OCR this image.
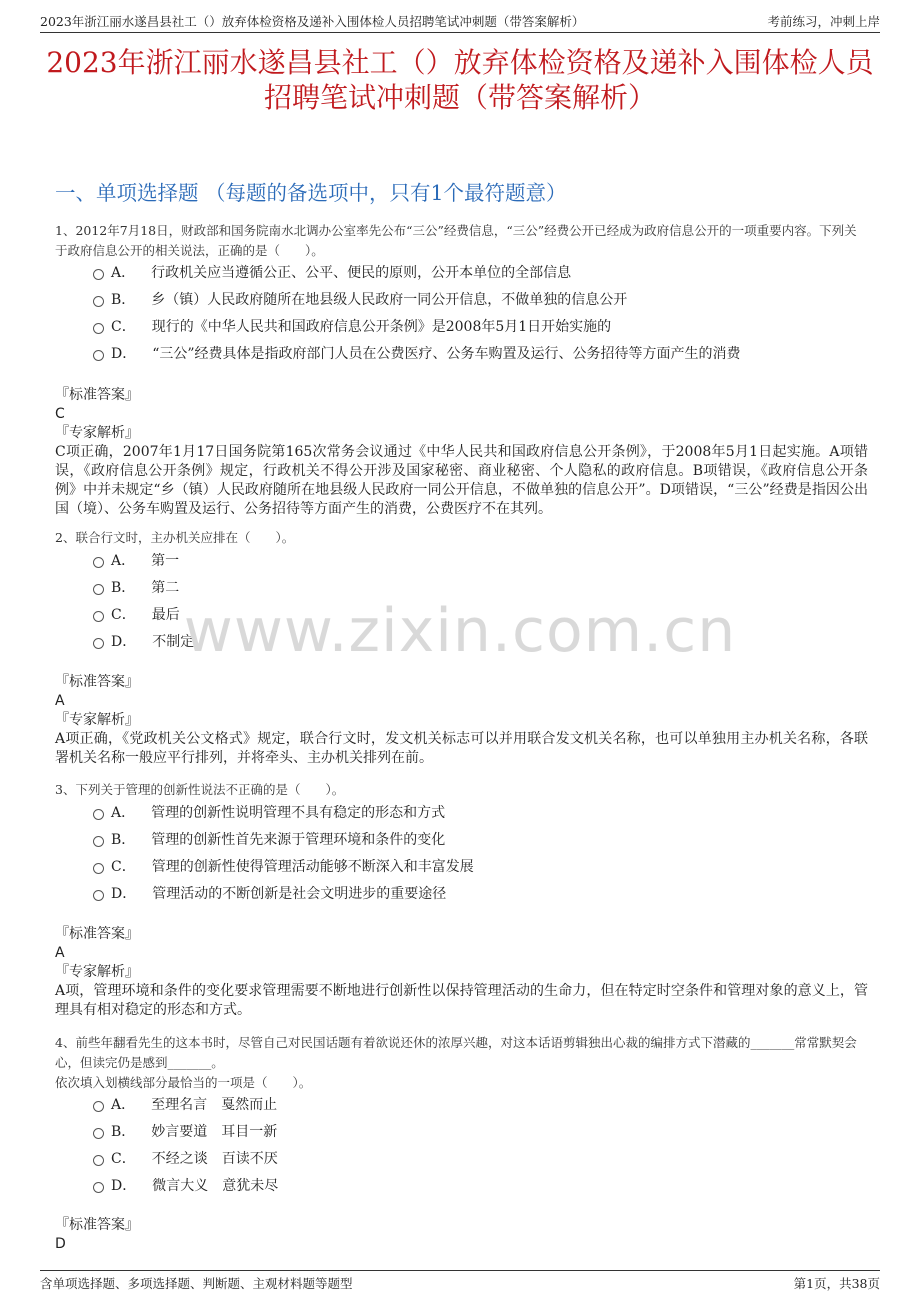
2023年浙江丽水遂昌县社工（）放弃体检资格及递补入围体检人员招聘笔试冲刺题（带答案解析）	考前练习，冲刺上岸
2023年浙江丽水遂昌县社工（）放弃体检资格及递补入围体检人员招聘笔试冲刺题（带答案解析）
一、单项选择题 （每题的备选项中，只有1个最符题意）
1、2012年7月18日，财政部和国务院南水北调办公室率先公布“三公”经费信息，“三公”经费公开已经成为政府信息公开的一项重要内容。下列关于政府信息公开的相关说法，正确的是（　　）。
A． 行政机关应当遵循公正、公平、便民的原则，公开本单位的全部信息
B． 乡（镇）人民政府随所在地县级人民政府一同公开信息，不做单独的信息公开
C． 现行的《中华人民共和国政府信息公开条例》是2008年5月1日开始实施的
D． “三公”经费具体是指政府部门人员在公费医疗、公务车购置及运行、公务招待等方面产生的消费
『标准答案』
C
『专家解析』
C项正确，2007年1月17日国务院第165次常务会议通过《中华人民共和国政府信息公开条例》，于2008年5月1日起实施。A项错误，《政府信息公开条例》规定，行政机关不得公开涉及国家秘密、商业秘密、个人隐私的政府信息。B项错误，《政府信息公开条例》中并未规定“乡（镇）人民政府随所在地县级人民政府一同公开信息，不做单独的信息公开”。D项错误，“三公”经费是指因公出国（境）、公务车购置及运行、公务招待等方面产生的消费，公费医疗不在其列。
2、联合行文时，主办机关应排在（　　）。
A． 第一
B． 第二
C． 最后
D． 不制定
『标准答案』
A
『专家解析』
A项正确，《党政机关公文格式》规定，联合行文时，发文机关标志可以并用联合发文机关名称，也可以单独用主办机关名称，各联署机关名称一般应平行排列，并将牵头、主办机关排列在前。
3、下列关于管理的创新性说法不正确的是（　　）。
A． 管理的创新性说明管理不具有稳定的形态和方式
B． 管理的创新性首先来源于管理环境和条件的变化
C． 管理的创新性使得管理活动能够不断深入和丰富发展
D． 管理活动的不断创新是社会文明进步的重要途径
『标准答案』
A
『专家解析』
A项，管理环境和条件的变化要求管理需要不断地进行创新性以保持管理活动的生命力，但在特定时空条件和管理对象的意义上，管理具有相对稳定的形态和方式。
4、前些年翻看先生的这本书时，尽管自己对民国话题有着欲说还休的浓厚兴趣，对这本话语剪辑独出心裁的编排方式下潜藏的_______常常默契会心，但读完仍是感到_______。
依次填入划横线部分最恰当的一项是（　　）。
A． 至理名言　戛然而止
B． 妙言要道　耳目一新
C． 不经之谈　百读不厌
D． 微言大义　意犹未尽
『标准答案』
D
www.zixin.com.cn
含单项选择题、多项选择题、判断题、主观材料题等题型	第1页，共38页
